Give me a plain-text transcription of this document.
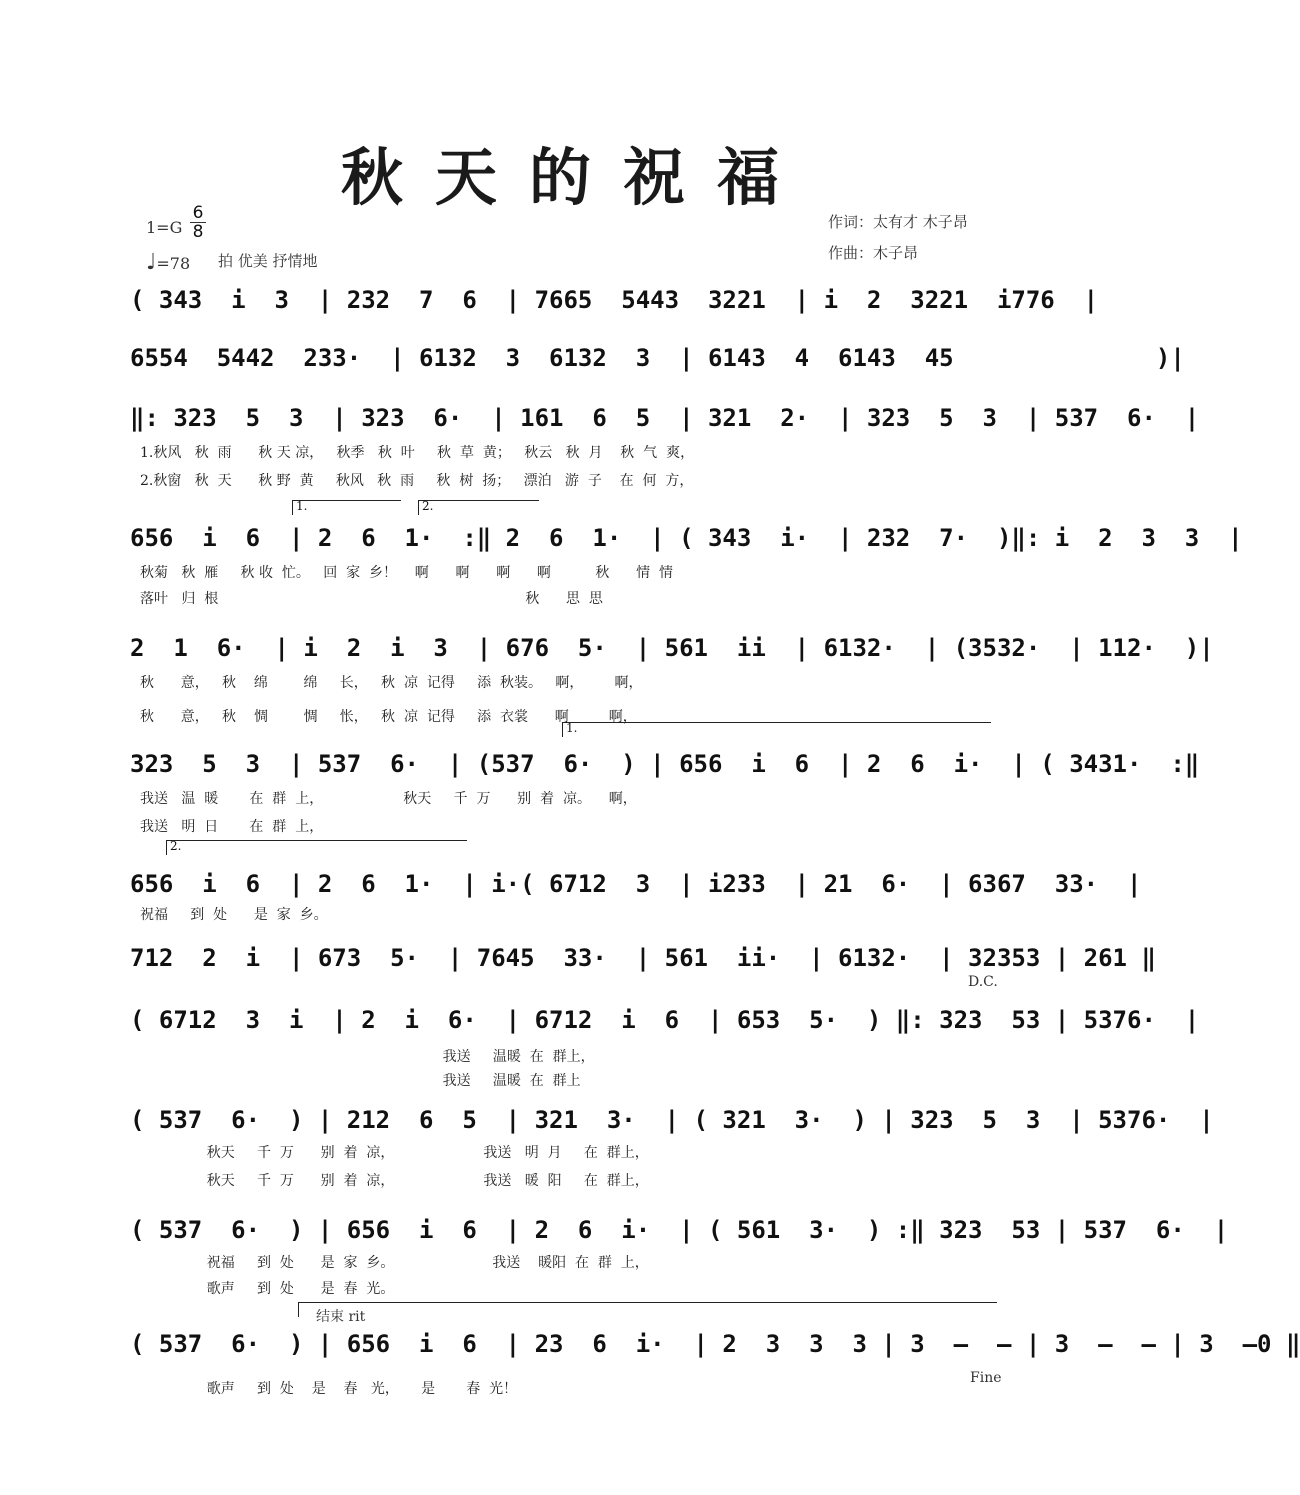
秋天的祝福
$1=G \frac{6}{8}$
♩=78 拍 优美 抒情地
作词：太有才 木子昂
作曲：木子昂
( 343  i  3  | 232  7  6  | 7665  5443  3221  | i  2  3221  i776  |
6554  5442  233·  | 6132  3  6132  3  | 6143  4  6143  45              )|
‖: 323  5  3  | 323  6·  | 161  6  5  | 321  2·  | 323  5  3  | 537  6·  |
1.秋风   秋  雨      秋 天 凉，   秋季   秋  叶     秋  草  黄；   秋云   秋  月    秋  气  爽，
2.秋窗   秋  天      秋 野  黄     秋风   秋  雨     秋  树  扬；   漂泊   游  子    在  何  方，
656  i  6  | 2  6  1·  :‖ 2  6  1·  | ( 343  i·  | 232  7·  )‖: i  2  3  3  |
秋菊   秋  雁     秋 收  忙。   回  家  乡！    啊      啊      啊      啊          秋      情  情
落叶   归  根                                                                     秋      思  思
2  1  6·  | i  2  i  3  | 676  5·  | 561  ii  | 6132·  | (3532·  | 112·  )|
秋      意，   秋    绵        绵     长，   秋  凉  记得     添  秋装。   啊，       啊，
秋      意，   秋    惆        惆     怅，   秋  凉  记得     添  衣裳      啊         啊，
323  5  3  | 537  6·  | (537  6·  ) | 656  i  6  | 2  6  i·  | ( 3431·  :‖
我送   温  暖       在  群  上，                  秋天     千  万      别  着  凉。    啊，
我送   明  日       在  群  上，
656  i  6  | 2  6  1·  | i·( 6712  3  | i233  | 21  6·  | 6367  33·  |
祝福     到  处      是  家  乡。
712  2  i  | 673  5·  | 7645  33·  | 561  ii·  | 6132·  | 32353 | 261 ‖
( 6712  3  i  | 2  i  6·  | 6712  i  6  | 653  5·  ) ‖: 323  53 | 5376·  |
我送     温暖  在  群上，
我送     温暖  在  群上
( 537  6·  ) | 212  6  5  | 321  3·  | ( 321  3·  ) | 323  5  3  | 5376·  |
秋天     千  万      别  着  凉，                    我送   明  月     在  群上，
秋天     千  万      别  着  凉，                    我送   暖  阳     在  群上，
( 537  6·  ) | 656  i  6  | 2  6  i·  | ( 561  3·  ) :‖ 323  53 | 537  6·  |
祝福     到  处      是  家  乡。                      我送    暖阳  在  群  上，
歌声     到  处      是  春  光。
( 537  6·  ) | 656  i  6  | 23  6  i·  | 2  3  3  3 | 3  —  — | 3  —  — | 3  —0 ‖
歌声     到  处    是    春   光，     是       春  光！
1.	2.
1.
2.
D.C.
结束 rit
Fine
